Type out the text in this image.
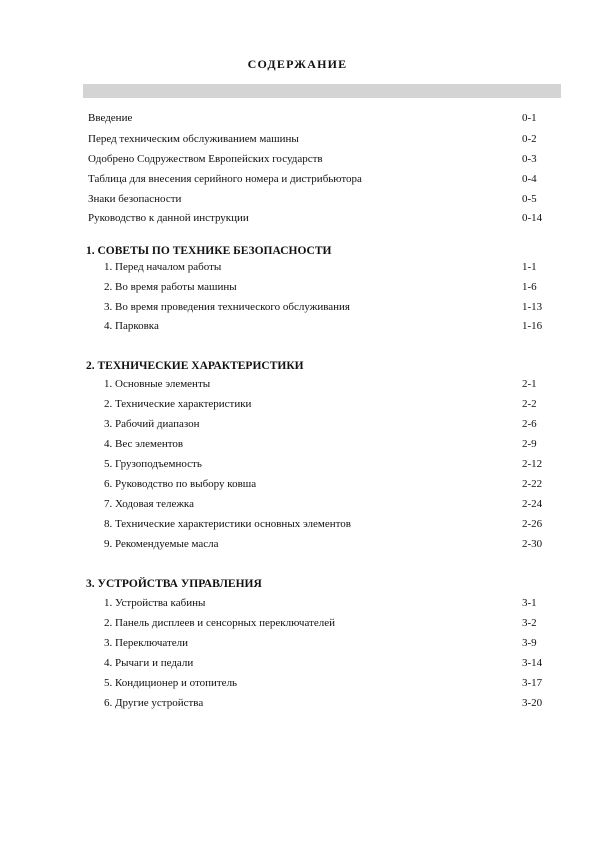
СОДЕРЖАНИЕ
Введение	0-1
Перед техническим обслуживанием машины	0-2
Одобрено Содружеством Европейских государств	0-3
Таблица для внесения серийного номера и дистрибьютора	0-4
Знаки безопасности	0-5
Руководство к данной инструкции	0-14
1. СОВЕТЫ ПО ТЕХНИКЕ БЕЗОПАСНОСТИ
1. Перед началом работы	1-1
2. Во время работы машины	1-6
3. Во время проведения технического обслуживания	1-13
4. Парковка	1-16
2. ТЕХНИЧЕСКИЕ ХАРАКТЕРИСТИКИ
1. Основные элементы	2-1
2. Технические характеристики	2-2
3. Рабочий диапазон	2-6
4. Вес элементов	2-9
5. Грузоподъемность	2-12
6. Руководство по выбору ковша	2-22
7. Ходовая тележка	2-24
8. Технические характеристики основных элементов	2-26
9. Рекомендуемые масла	2-30
3. УСТРОЙСТВА УПРАВЛЕНИЯ
1. Устройства кабины	3-1
2. Панель дисплеев и сенсорных переключателей	3-2
3. Переключатели	3-9
4. Рычаги и педали	3-14
5. Кондиционер и отопитель	3-17
6. Другие устройства	3-20
